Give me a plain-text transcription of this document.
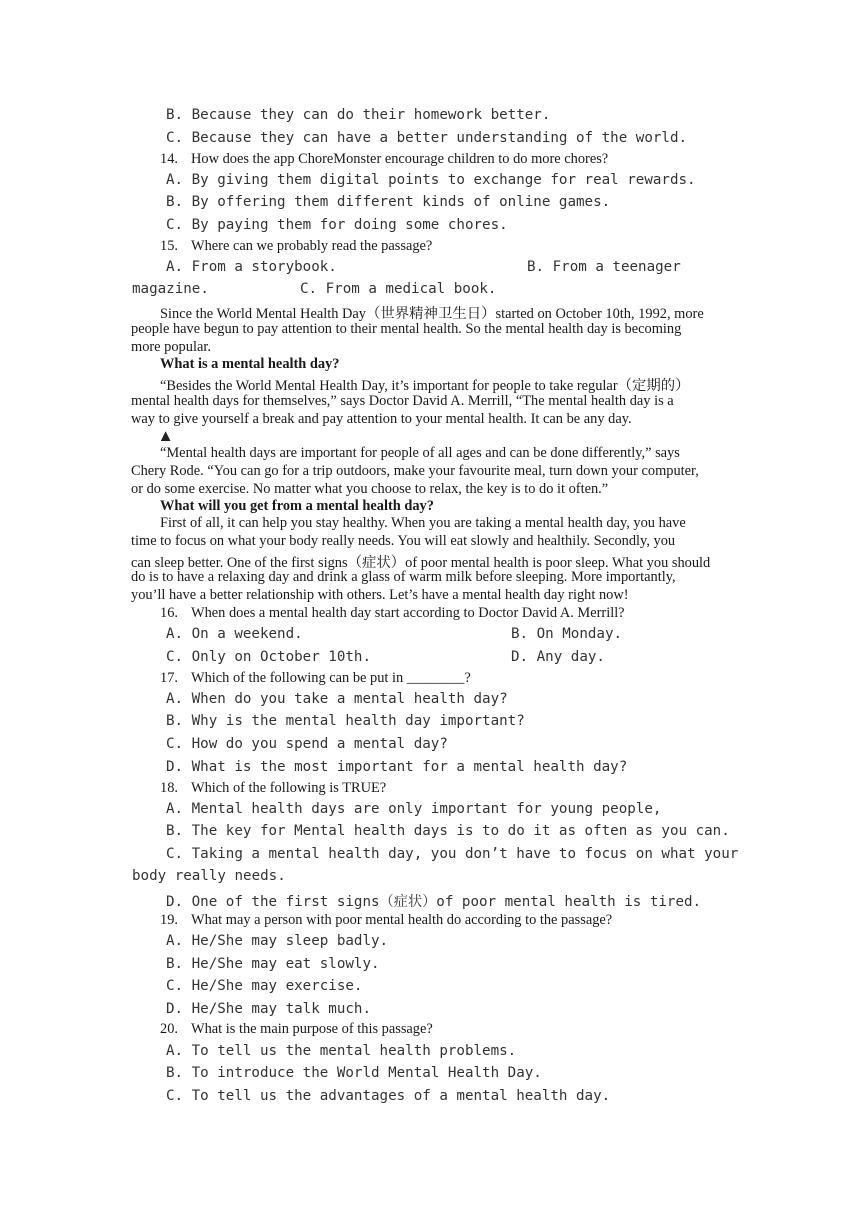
B. Because they can do their homework better.
C. Because they can have a better understanding of the world.
14. How does the app ChoreMonster encourage children to do more chores?
A. By giving them digital points to exchange for real rewards.
B. By offering them different kinds of online games.
C. By paying them for doing some chores.
15. Where can we probably read the passage?
A. From a storybook.	B. From a teenager
magazine.	C. From a medical book.
Since the World Mental Health Day（世界精神卫生日）started on October 10th, 1992, more
people have begun to pay attention to their mental health. So the mental health day is becoming
more popular.
What is a mental health day?
“Besides the World Mental Health Day, it’s important for people to take regular（定期的）
mental health days for themselves,” says Doctor David A. Merrill, “The mental health day is a
way to give yourself a break and pay attention to your mental health. It can be any day.
▲
“Mental health days are important for people of all ages and can be done differently,” says
Chery Rode. “You can go for a trip outdoors, make your favourite meal, turn down your computer,
or do some exercise. No matter what you choose to relax, the key is to do it often.”
What will you get from a mental health day?
First of all, it can help you stay healthy. When you are taking a mental health day, you have
time to focus on what your body really needs. You will eat slowly and healthily. Secondly, you
can sleep better. One of the first signs（症状）of poor mental health is poor sleep. What you should
do is to have a relaxing day and drink a glass of warm milk before sleeping. More importantly,
you’ll have a better relationship with others. Let’s have a mental health day right now!
16. When does a mental health day start according to Doctor David A. Merrill?
A. On a weekend.	B. On Monday.
C. Only on October 10th.	D. Any day.
17. Which of the following can be put in ________?
A. When do you take a mental health day?
B. Why is the mental health day important?
C. How do you spend a mental day?
D. What is the most important for a mental health day?
18. Which of the following is TRUE?
A. Mental health days are only important for young people,
B. The key for Mental health days is to do it as often as you can.
C. Taking a mental health day, you don’t have to focus on what your
body really needs.
D. One of the first signs（症状）of poor mental health is tired.
19. What may a person with poor mental health do according to the passage?
A. He/She may sleep badly.
B. He/She may eat slowly.
C. He/She may exercise.
D. He/She may talk much.
20. What is the main purpose of this passage?
A. To tell us the mental health problems.
B. To introduce the World Mental Health Day.
C. To tell us the advantages of a mental health day.
